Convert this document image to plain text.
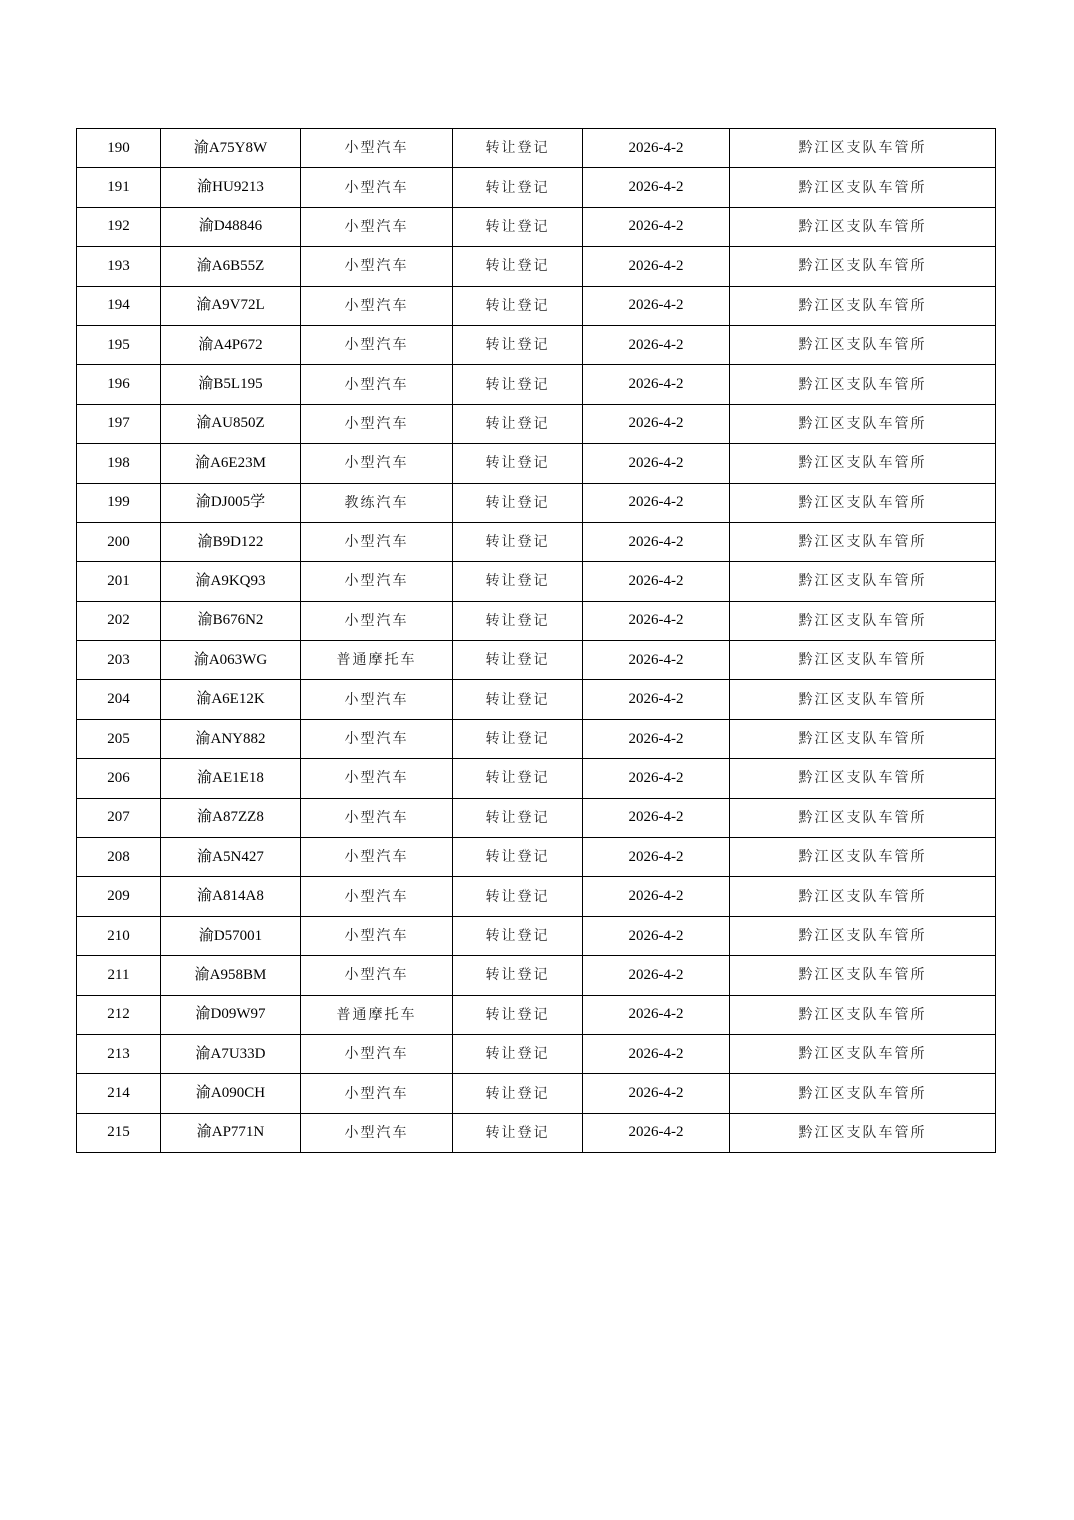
190	渝A75Y8W	小型汽车	转让登记	2026-4-2	黔江区支队车管所
191	渝HU9213	小型汽车	转让登记	2026-4-2	黔江区支队车管所
192	渝D48846	小型汽车	转让登记	2026-4-2	黔江区支队车管所
193	渝A6B55Z	小型汽车	转让登记	2026-4-2	黔江区支队车管所
194	渝A9V72L	小型汽车	转让登记	2026-4-2	黔江区支队车管所
195	渝A4P672	小型汽车	转让登记	2026-4-2	黔江区支队车管所
196	渝B5L195	小型汽车	转让登记	2026-4-2	黔江区支队车管所
197	渝AU850Z	小型汽车	转让登记	2026-4-2	黔江区支队车管所
198	渝A6E23M	小型汽车	转让登记	2026-4-2	黔江区支队车管所
199	渝DJ005学	教练汽车	转让登记	2026-4-2	黔江区支队车管所
200	渝B9D122	小型汽车	转让登记	2026-4-2	黔江区支队车管所
201	渝A9KQ93	小型汽车	转让登记	2026-4-2	黔江区支队车管所
202	渝B676N2	小型汽车	转让登记	2026-4-2	黔江区支队车管所
203	渝A063WG	普通摩托车	转让登记	2026-4-2	黔江区支队车管所
204	渝A6E12K	小型汽车	转让登记	2026-4-2	黔江区支队车管所
205	渝ANY882	小型汽车	转让登记	2026-4-2	黔江区支队车管所
206	渝AE1E18	小型汽车	转让登记	2026-4-2	黔江区支队车管所
207	渝A87ZZ8	小型汽车	转让登记	2026-4-2	黔江区支队车管所
208	渝A5N427	小型汽车	转让登记	2026-4-2	黔江区支队车管所
209	渝A814A8	小型汽车	转让登记	2026-4-2	黔江区支队车管所
210	渝D57001	小型汽车	转让登记	2026-4-2	黔江区支队车管所
211	渝A958BM	小型汽车	转让登记	2026-4-2	黔江区支队车管所
212	渝D09W97	普通摩托车	转让登记	2026-4-2	黔江区支队车管所
213	渝A7U33D	小型汽车	转让登记	2026-4-2	黔江区支队车管所
214	渝A090CH	小型汽车	转让登记	2026-4-2	黔江区支队车管所
215	渝AP771N	小型汽车	转让登记	2026-4-2	黔江区支队车管所
